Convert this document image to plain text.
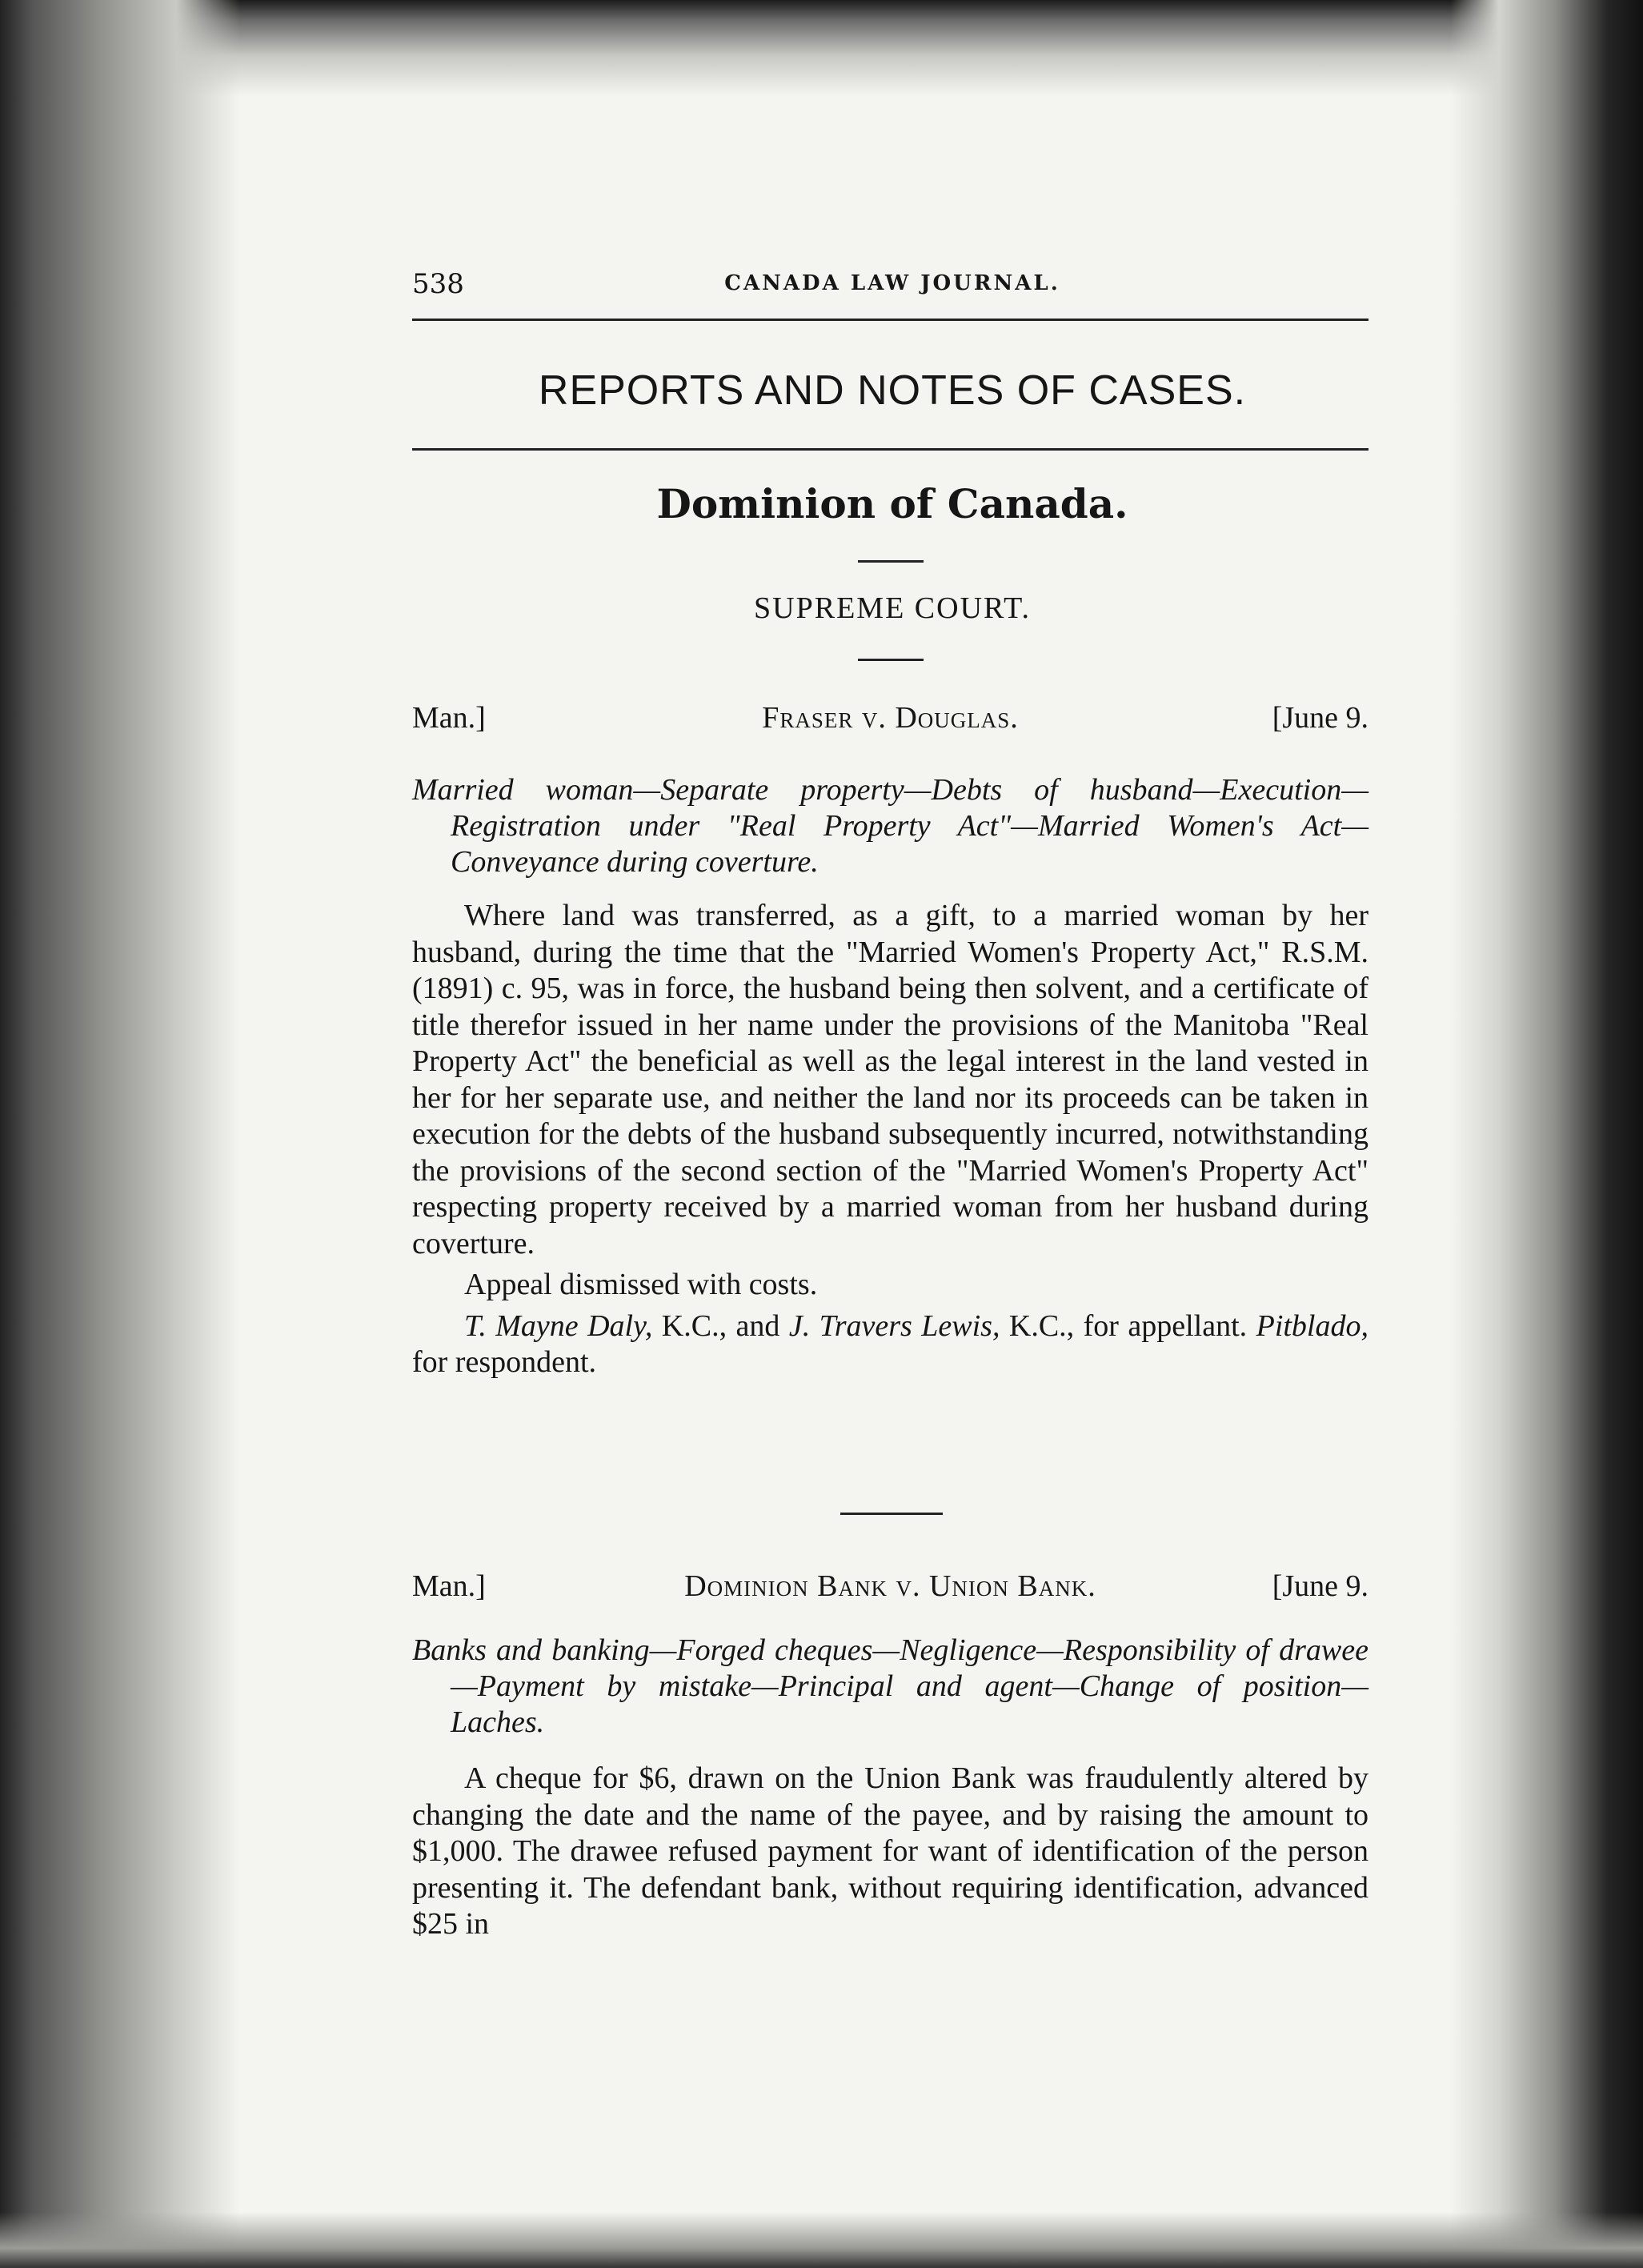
538	CANADA LAW JOURNAL.
REPORTS AND NOTES OF CASES.
Dominion of Canada.
SUPREME COURT.
Man.]	Fraser v. Douglas.	[June 9.
Married woman—Separate property—Debts of husband—Execution—Registration under "Real Property Act"—Married Women's Act—Conveyance during coverture.

Where land was transferred, as a gift, to a married woman by her husband, during the time that the "Married Women's Property Act," R.S.M. (1891) c. 95, was in force, the husband being then solvent, and a certificate of title therefor issued in her name under the provisions of the Manitoba "Real Property Act" the beneficial as well as the legal interest in the land vested in her for her separate use, and neither the land nor its proceeds can be taken in execution for the debts of the husband subsequently incurred, notwithstanding the provisions of the second section of the "Married Women's Property Act" respecting property received by a married woman from her husband during coverture.

Appeal dismissed with costs.

T. Mayne Daly, K.C., and J. Travers Lewis, K.C., for appellant. Pitblado, for respondent.

Man.]	Dominion Bank v. Union Bank.	[June 9.
Banks and banking—Forged cheques—Negligence—Responsibility of drawee—Payment by mistake—Principal and agent—Change of position—Laches.

A cheque for $6, drawn on the Union Bank was fraudulently altered by changing the date and the name of the payee, and by raising the amount to $1,000. The drawee refused payment for want of identification of the person presenting it. The defendant bank, without requiring identification, advanced $25 in
